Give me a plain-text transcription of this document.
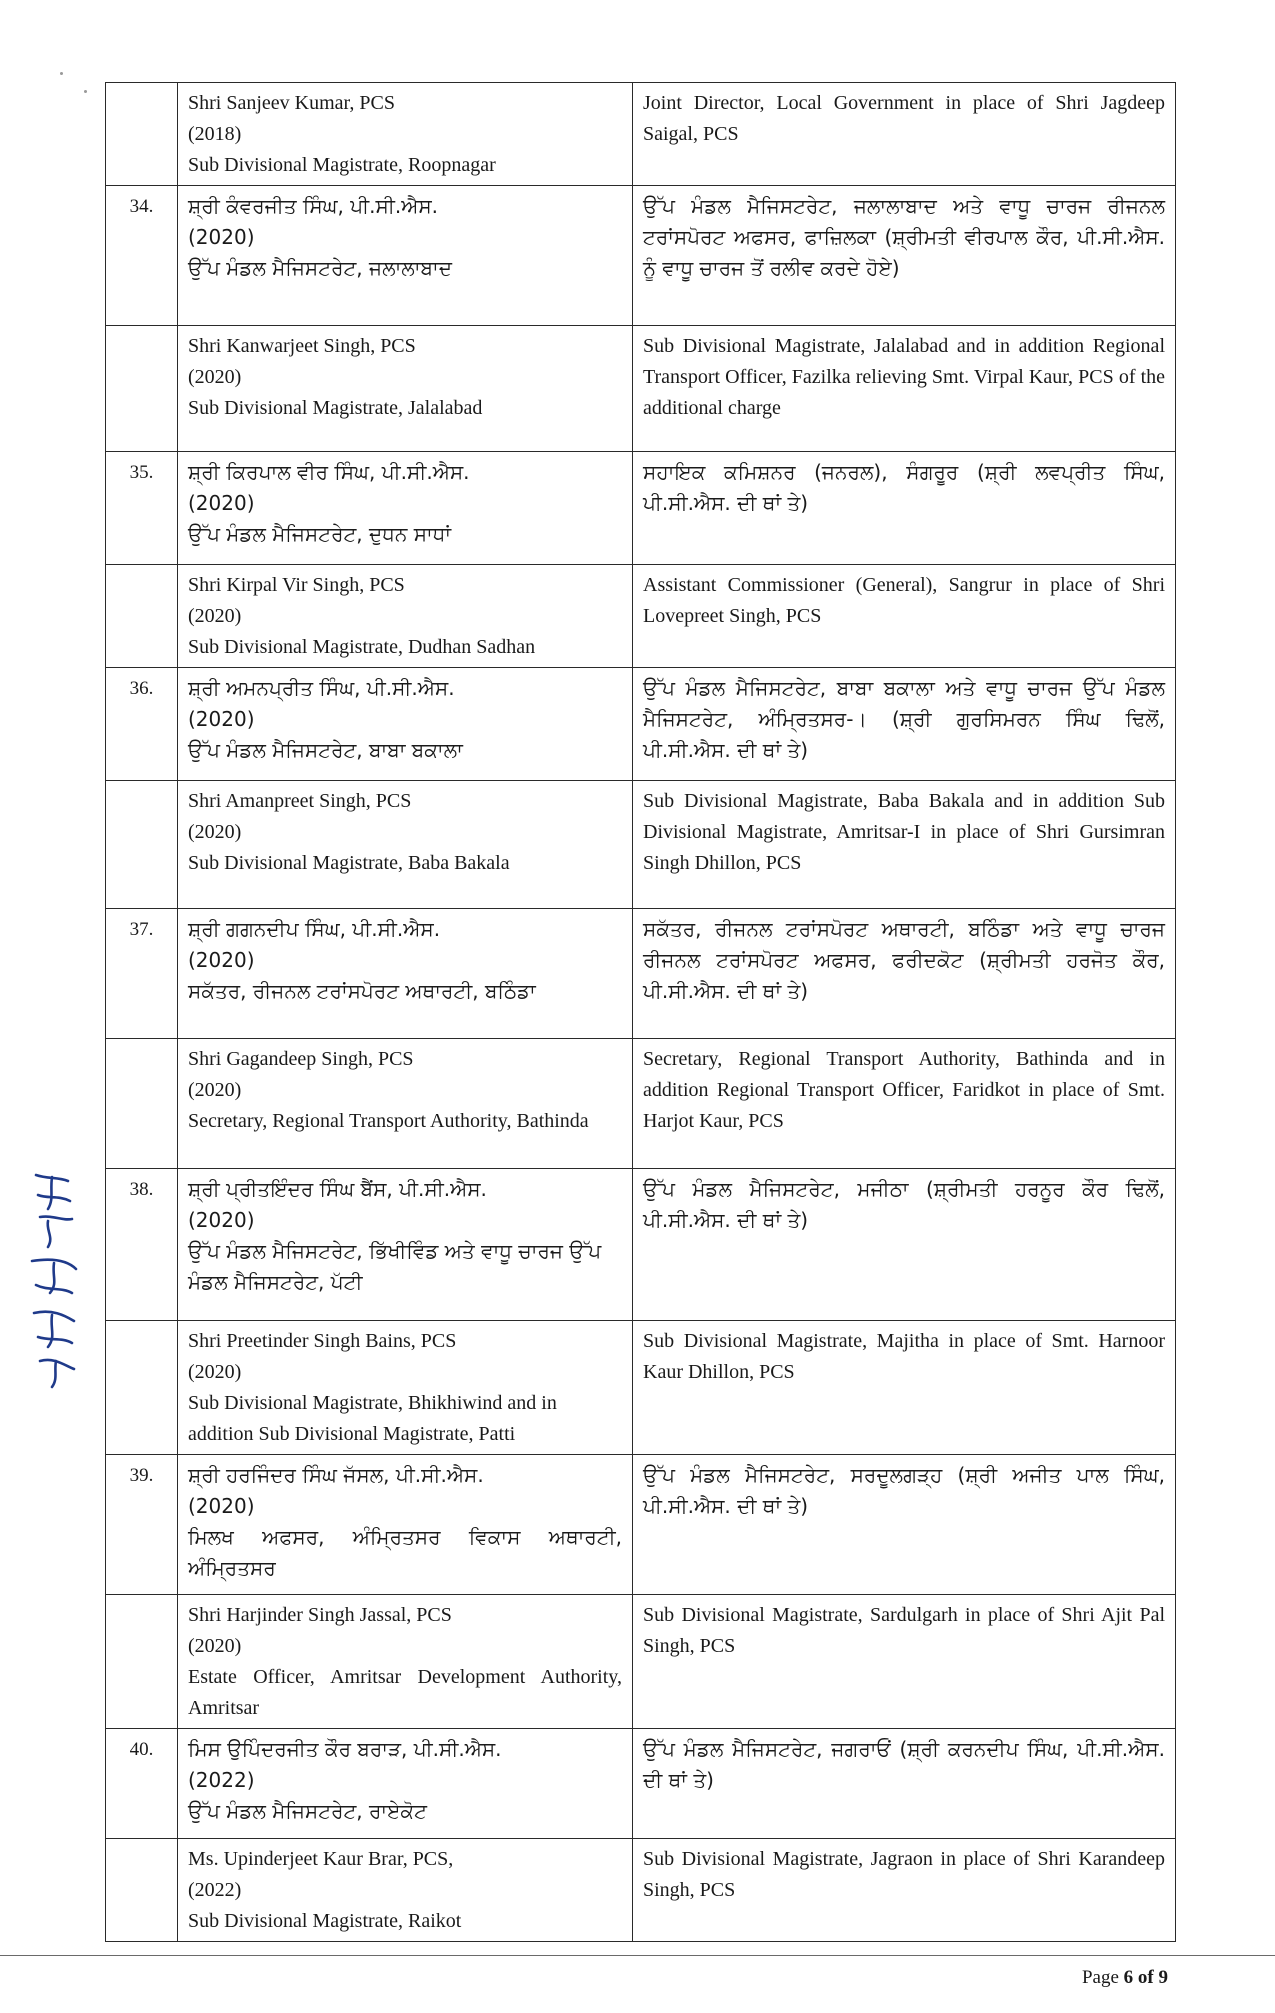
	Shri Sanjeev Kumar, PCS
(2018)
Sub Divisional Magistrate, Roopnagar	Joint Director, Local Government in place of Shri Jagdeep Saigal, PCS

34.	ਸ਼੍ਰੀ ਕੰਵਰਜੀਤ ਸਿੰਘ, ਪੀ.ਸੀ.ਐਸ.
(2020)
ਉੱਪ ਮੰਡਲ ਮੈਜਿਸਟਰੇਟ, ਜਲਾਲਾਬਾਦ	ਉੱਪ ਮੰਡਲ ਮੈਜਿਸਟਰੇਟ, ਜਲਾਲਾਬਾਦ ਅਤੇ ਵਾਧੂ ਚਾਰਜ ਰੀਜਨਲ ਟਰਾਂਸਪੋਰਟ ਅਫਸਰ, ਫਾਜ਼ਿਲਕਾ (ਸ਼੍ਰੀਮਤੀ ਵੀਰਪਾਲ ਕੌਰ, ਪੀ.ਸੀ.ਐਸ. ਨੂੰ ਵਾਧੂ ਚਾਰਜ ਤੋਂ ਰਲੀਵ ਕਰਦੇ ਹੋਏ)

	Shri Kanwarjeet Singh, PCS
(2020)
Sub Divisional Magistrate, Jalalabad	Sub Divisional Magistrate, Jalalabad and in addition Regional Transport Officer, Fazilka relieving Smt. Virpal Kaur, PCS of the additional charge

35.	ਸ਼੍ਰੀ ਕਿਰਪਾਲ ਵੀਰ ਸਿੰਘ, ਪੀ.ਸੀ.ਐਸ.
(2020)
ਉੱਪ ਮੰਡਲ ਮੈਜਿਸਟਰੇਟ, ਦੁਧਨ ਸਾਧਾਂ	ਸਹਾਇਕ ਕਮਿਸ਼ਨਰ (ਜਨਰਲ), ਸੰਗਰੂਰ (ਸ਼੍ਰੀ ਲਵਪ੍ਰੀਤ ਸਿੰਘ, ਪੀ.ਸੀ.ਐਸ. ਦੀ ਥਾਂ ਤੇ)

	Shri Kirpal Vir Singh, PCS
(2020)
Sub Divisional Magistrate, Dudhan Sadhan	Assistant Commissioner (General), Sangrur in place of Shri Lovepreet Singh, PCS

36.	ਸ਼੍ਰੀ ਅਮਨਪ੍ਰੀਤ ਸਿੰਘ, ਪੀ.ਸੀ.ਐਸ.
(2020)
ਉੱਪ ਮੰਡਲ ਮੈਜਿਸਟਰੇਟ, ਬਾਬਾ ਬਕਾਲਾ	ਉੱਪ ਮੰਡਲ ਮੈਜਿਸਟਰੇਟ, ਬਾਬਾ ਬਕਾਲਾ ਅਤੇ ਵਾਧੂ ਚਾਰਜ ਉੱਪ ਮੰਡਲ ਮੈਜਿਸਟਰੇਟ, ਅੰਮ੍ਰਿਤਸਰ-। (ਸ਼੍ਰੀ ਗੁਰਸਿਮਰਨ ਸਿੰਘ ਢਿਲੋਂ, ਪੀ.ਸੀ.ਐਸ. ਦੀ ਥਾਂ ਤੇ)

	Shri Amanpreet Singh, PCS
(2020)
Sub Divisional Magistrate, Baba Bakala	Sub Divisional Magistrate, Baba Bakala and in addition Sub Divisional Magistrate, Amritsar-I in place of Shri Gursimran Singh Dhillon, PCS

37.	ਸ਼੍ਰੀ ਗਗਨਦੀਪ ਸਿੰਘ, ਪੀ.ਸੀ.ਐਸ.
(2020)
ਸਕੱਤਰ, ਰੀਜਨਲ ਟਰਾਂਸਪੋਰਟ ਅਥਾਰਟੀ, ਬਠਿੰਡਾ	ਸਕੱਤਰ, ਰੀਜਨਲ ਟਰਾਂਸਪੋਰਟ ਅਥਾਰਟੀ, ਬਠਿੰਡਾ ਅਤੇ ਵਾਧੂ ਚਾਰਜ ਰੀਜਨਲ ਟਰਾਂਸਪੋਰਟ ਅਫਸਰ, ਫਰੀਦਕੋਟ (ਸ਼੍ਰੀਮਤੀ ਹਰਜੋਤ ਕੌਰ, ਪੀ.ਸੀ.ਐਸ. ਦੀ ਥਾਂ ਤੇ)

	Shri Gagandeep Singh, PCS
(2020)
Secretary, Regional Transport Authority, Bathinda	Secretary, Regional Transport Authority, Bathinda and in addition Regional Transport Officer, Faridkot in place of Smt. Harjot Kaur, PCS

38.	ਸ਼੍ਰੀ ਪ੍ਰੀਤਇੰਦਰ ਸਿੰਘ ਬੈਂਸ, ਪੀ.ਸੀ.ਐਸ.
(2020)
ਉੱਪ ਮੰਡਲ ਮੈਜਿਸਟਰੇਟ, ਭਿੱਖੀਵਿੰਡ ਅਤੇ ਵਾਧੂ ਚਾਰਜ ਉੱਪ ਮੰਡਲ ਮੈਜਿਸਟਰੇਟ, ਪੱਟੀ	ਉੱਪ ਮੰਡਲ ਮੈਜਿਸਟਰੇਟ, ਮਜੀਠਾ (ਸ਼੍ਰੀਮਤੀ ਹਰਨੂਰ ਕੌਰ ਢਿਲੋਂ, ਪੀ.ਸੀ.ਐਸ. ਦੀ ਥਾਂ ਤੇ)

	Shri Preetinder Singh Bains, PCS
(2020)
Sub Divisional Magistrate, Bhikhiwind and in addition Sub Divisional Magistrate, Patti	Sub Divisional Magistrate, Majitha in place of Smt. Harnoor Kaur Dhillon, PCS

39.	ਸ਼੍ਰੀ ਹਰਜਿੰਦਰ ਸਿੰਘ ਜੱਸਲ, ਪੀ.ਸੀ.ਐਸ.
(2020)
ਮਿਲਖ ਅਫਸਰ, ਅੰਮ੍ਰਿਤਸਰ ਵਿਕਾਸ ਅਥਾਰਟੀ, ਅੰਮ੍ਰਿਤਸਰ	ਉੱਪ ਮੰਡਲ ਮੈਜਿਸਟਰੇਟ, ਸਰਦੂਲਗੜ੍ਹ (ਸ਼੍ਰੀ ਅਜੀਤ ਪਾਲ ਸਿੰਘ, ਪੀ.ਸੀ.ਐਸ. ਦੀ ਥਾਂ ਤੇ)

	Shri Harjinder Singh Jassal, PCS
(2020)
Estate Officer, Amritsar Development Authority, Amritsar	Sub Divisional Magistrate, Sardulgarh in place of Shri Ajit Pal Singh, PCS

40.	ਮਿਸ ਉਪਿੰਦਰਜੀਤ ਕੌਰ ਬਰਾੜ, ਪੀ.ਸੀ.ਐਸ.
(2022)
ਉੱਪ ਮੰਡਲ ਮੈਜਿਸਟਰੇਟ, ਰਾਏਕੋਟ	ਉੱਪ ਮੰਡਲ ਮੈਜਿਸਟਰੇਟ, ਜਗਰਾਓਂ (ਸ਼੍ਰੀ ਕਰਨਦੀਪ ਸਿੰਘ, ਪੀ.ਸੀ.ਐਸ. ਦੀ ਥਾਂ ਤੇ)

	Ms. Upinderjeet Kaur Brar, PCS,
(2022)
Sub Divisional Magistrate, Raikot	Sub Divisional Magistrate, Jagraon in place of Shri Karandeep Singh, PCS
Page 6 of 9
